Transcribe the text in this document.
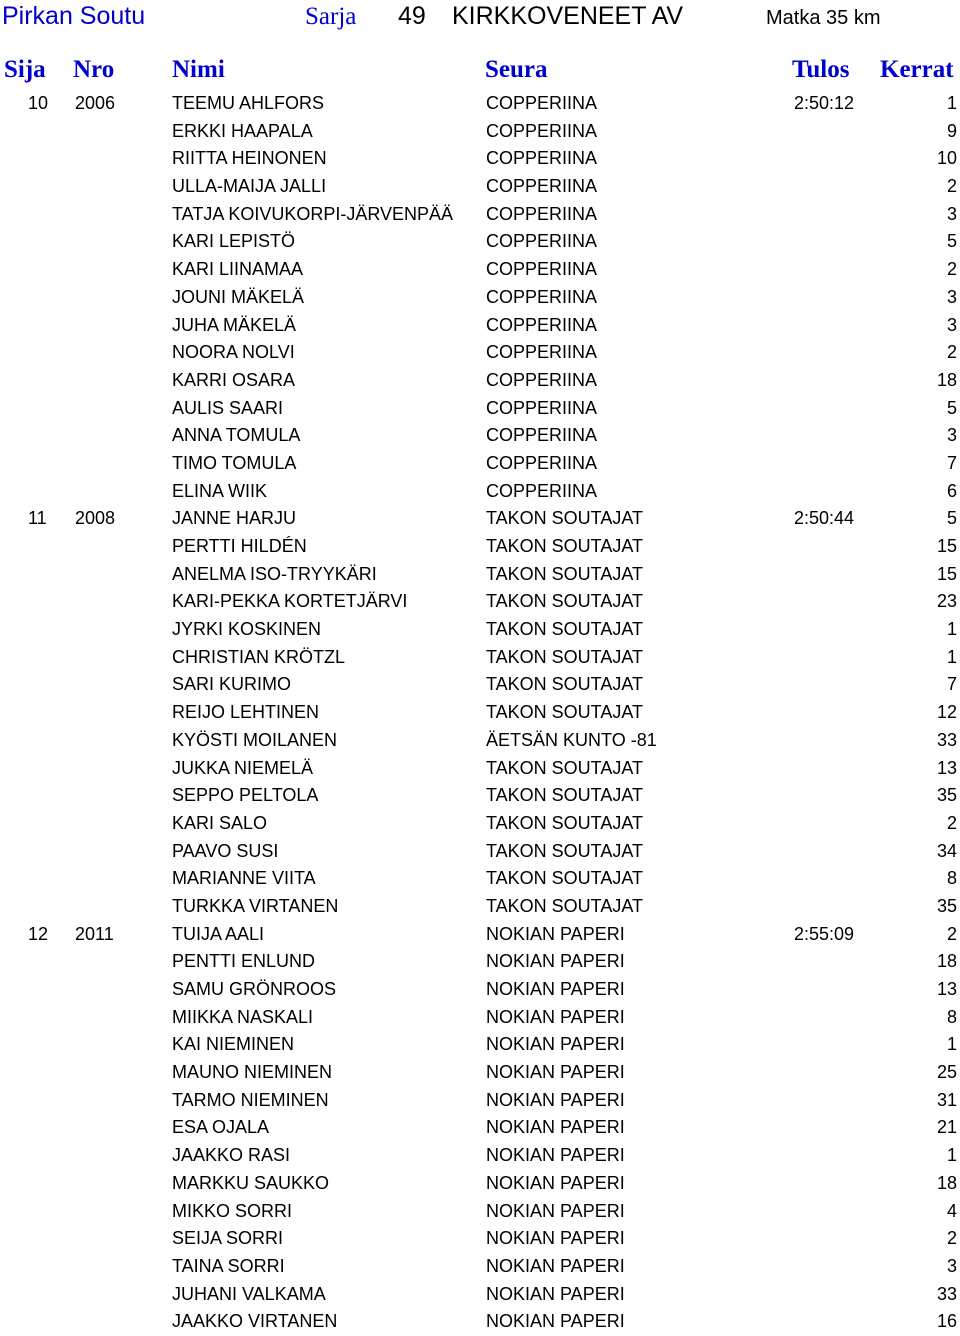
Pirkan Soutu	Sarja 49 KIRKKOVENEET AV	Matka 35 km
Sija Nro Nimi	Seura	Tulos Kerrat
10 2006	TEEMU AHLFORS	COPPERIINA	2:50:12	1
ERKKI HAAPALA	COPPERIINA	9
RIITTA HEINONEN	COPPERIINA	10
ULLA-MAIJA JALLI	COPPERIINA	2
TATJA KOIVUKORPI-JÄRVENPÄÄ COPPERIINA	3
KARI LEPISTÖ	COPPERIINA	5
KARI LIINAMAA	COPPERIINA	2
JOUNI MÄKELÄ	COPPERIINA	3
JUHA MÄKELÄ	COPPERIINA	3
NOORA NOLVI	COPPERIINA	2
KARRI OSARA	COPPERIINA	18
AULIS SAARI	COPPERIINA	5
ANNA TOMULA	COPPERIINA	3
TIMO TOMULA	COPPERIINA	7
ELINA WIIK	COPPERIINA	6
11 2008	JANNE HARJU	TAKON SOUTAJAT	2:50:44	5
PERTTI HILDÉN	TAKON SOUTAJAT	15
ANELMA ISO-TRYYKÄRI	TAKON SOUTAJAT	15
KARI-PEKKA KORTETJÄRVI	TAKON SOUTAJAT	23
JYRKI KOSKINEN	TAKON SOUTAJAT	1
CHRISTIAN KRÖTZL	TAKON SOUTAJAT	1
SARI KURIMO	TAKON SOUTAJAT	7
REIJO LEHTINEN	TAKON SOUTAJAT	12
KYÖSTI MOILANEN	ÄETSÄN KUNTO -81	33
JUKKA NIEMELÄ	TAKON SOUTAJAT	13
SEPPO PELTOLA	TAKON SOUTAJAT	35
KARI SALO	TAKON SOUTAJAT	2
PAAVO SUSI	TAKON SOUTAJAT	34
MARIANNE VIITA	TAKON SOUTAJAT	8
TURKKA VIRTANEN	TAKON SOUTAJAT	35
12 2011	TUIJA AALI	NOKIAN PAPERI	2:55:09	2
PENTTI ENLUND	NOKIAN PAPERI	18
SAMU GRÖNROOS	NOKIAN PAPERI	13
MIIKKA NASKALI	NOKIAN PAPERI	8
KAI NIEMINEN	NOKIAN PAPERI	1
MAUNO NIEMINEN	NOKIAN PAPERI	25
TARMO NIEMINEN	NOKIAN PAPERI	31
ESA OJALA	NOKIAN PAPERI	21
JAAKKO RASI	NOKIAN PAPERI	1
MARKKU SAUKKO	NOKIAN PAPERI	18
MIKKO SORRI	NOKIAN PAPERI	4
SEIJA SORRI	NOKIAN PAPERI	2
TAINA SORRI	NOKIAN PAPERI	3
JUHANI VALKAMA	NOKIAN PAPERI	33
JAAKKO VIRTANEN	NOKIAN PAPERI	16
